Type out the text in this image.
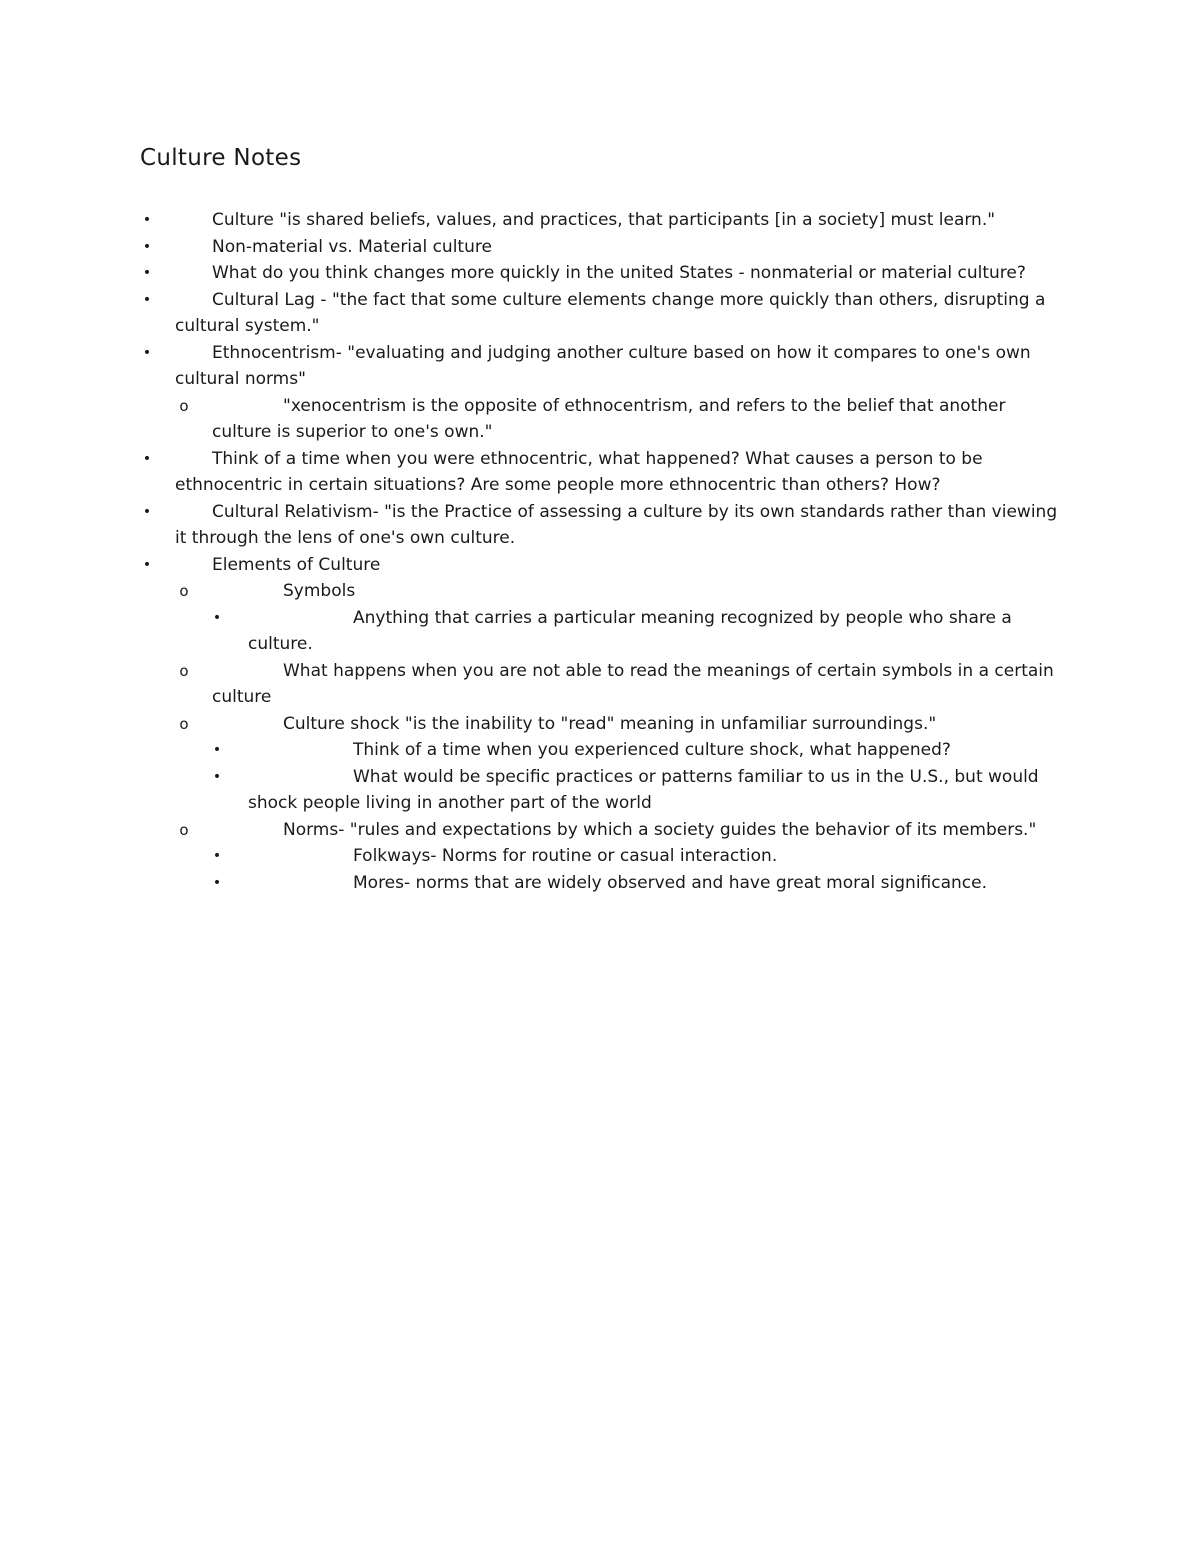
Culture Notes
•	Culture "is shared beliefs, values, and practices, that participants [in a society] must learn."
•	Non-material vs. Material culture
•	What do you think changes more quickly in the united States - nonmaterial or material culture?
•	Cultural Lag - "the fact that some culture elements change more quickly than others, disrupting a cultural system."
•	Ethnocentrism- "evaluating and judging another culture based on how it compares to one's own cultural norms"
o	"xenocentrism is the opposite of ethnocentrism, and refers to the belief that another culture is superior to one's own."
•	Think of a time when you were ethnocentric, what happened? What causes a person to be ethnocentric in certain situations? Are some people more ethnocentric than others? How?
•	Cultural Relativism- "is the Practice of assessing a culture by its own standards rather than viewing it through the lens of one's own culture.
•	Elements of Culture
o	Symbols
•	Anything that carries a particular meaning recognized by people who share a culture.
o	What happens when you are not able to read the meanings of certain symbols in a certain culture
o	Culture shock "is the inability to "read" meaning in unfamiliar surroundings."
•	Think of a time when you experienced culture shock, what happened?
•	What would be specific practices or patterns familiar to us in the U.S., but would shock people living in another part of the world
o	Norms- "rules and expectations by which a society guides the behavior of its members."
•	Folkways- Norms for routine or casual interaction.
•	Mores- norms that are widely observed and have great moral significance.
